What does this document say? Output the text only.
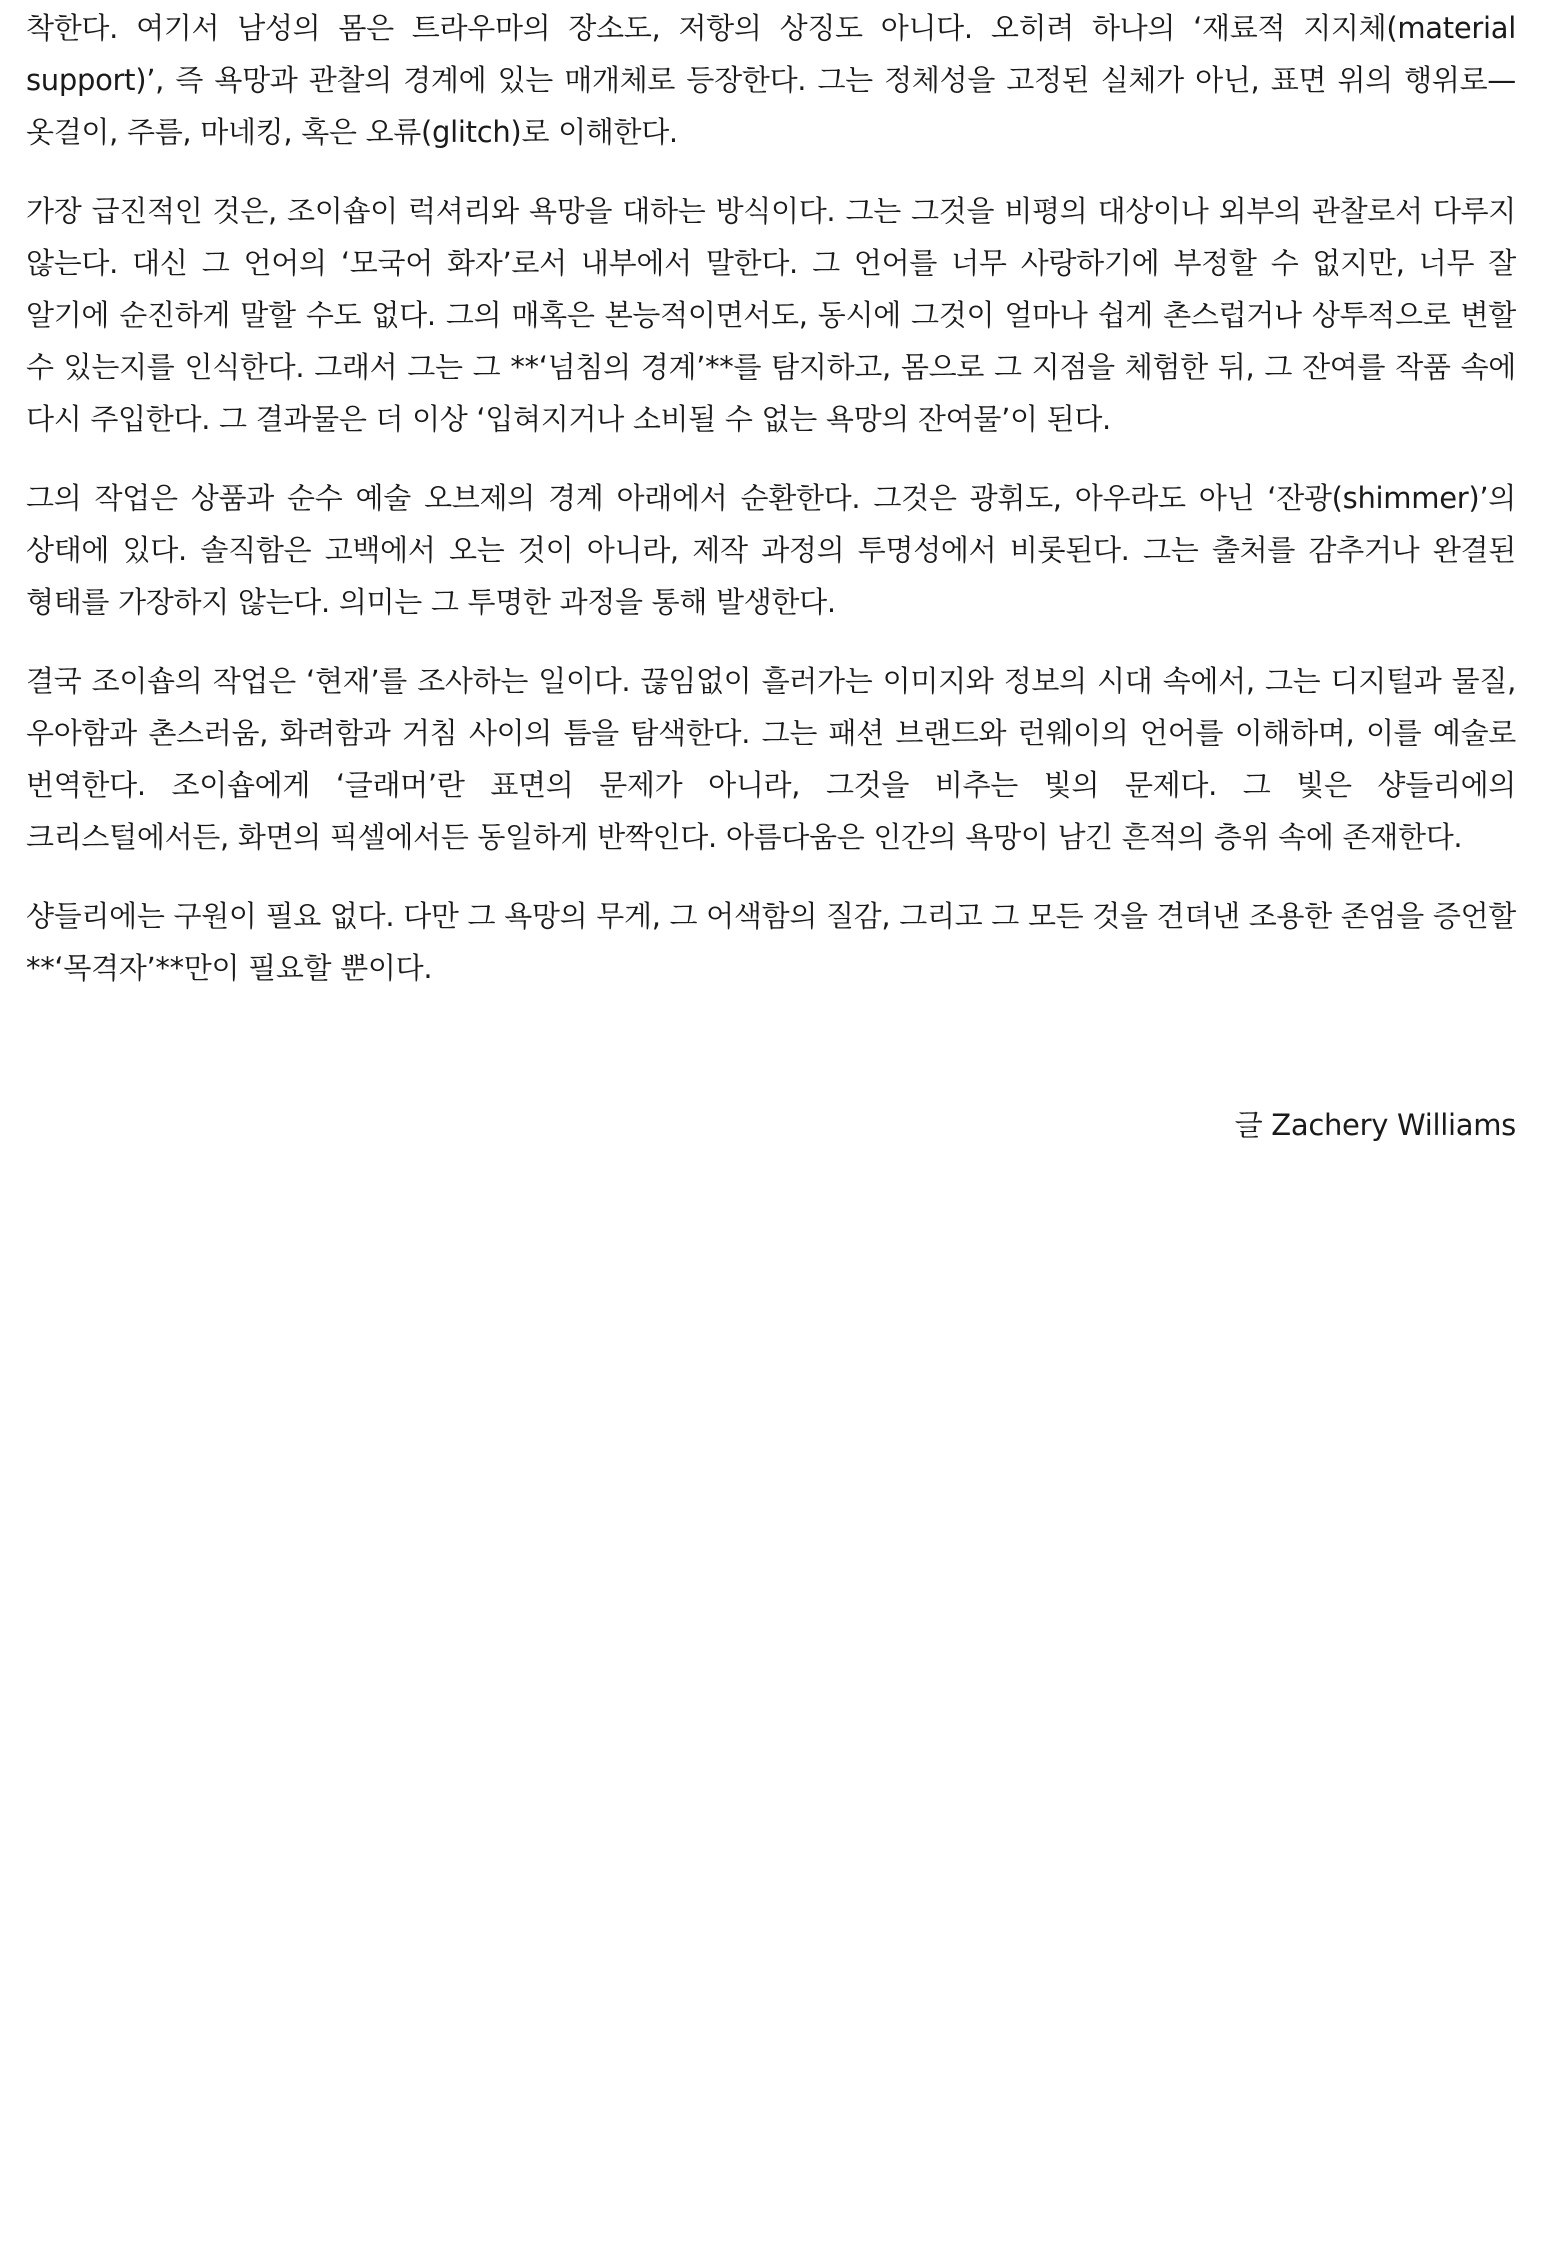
착한다. 여기서 남성의 몸은 트라우마의 장소도, 저항의 상징도 아니다. 오히려 하나의 ‘재료적 지지체(material support)’, 즉 욕망과 관찰의 경계에 있는 매개체로 등장한다. 그는 정체성을 고정된 실체가 아닌, 표면 위의 행위로—옷걸이, 주름, 마네킹, 혹은 오류(glitch)로 이해한다.

가장 급진적인 것은, 조이숍이 럭셔리와 욕망을 대하는 방식이다. 그는 그것을 비평의 대상이나 외부의 관찰로서 다루지 않는다. 대신 그 언어의 ‘모국어 화자’로서 내부에서 말한다. 그 언어를 너무 사랑하기에 부정할 수 없지만, 너무 잘 알기에 순진하게 말할 수도 없다. 그의 매혹은 본능적이면서도, 동시에 그것이 얼마나 쉽게 촌스럽거나 상투적으로 변할 수 있는지를 인식한다. 그래서 그는 그 **‘넘침의 경계’**를 탐지하고, 몸으로 그 지점을 체험한 뒤, 그 잔여를 작품 속에 다시 주입한다. 그 결과물은 더 이상 ‘입혀지거나 소비될 수 없는 욕망의 잔여물’이 된다.

그의 작업은 상품과 순수 예술 오브제의 경계 아래에서 순환한다. 그것은 광휘도, 아우라도 아닌 ‘잔광(shimmer)’의 상태에 있다. 솔직함은 고백에서 오는 것이 아니라, 제작 과정의 투명성에서 비롯된다. 그는 출처를 감추거나 완결된 형태를 가장하지 않는다. 의미는 그 투명한 과정을 통해 발생한다.

결국 조이숍의 작업은 ‘현재’를 조사하는 일이다. 끊임없이 흘러가는 이미지와 정보의 시대 속에서, 그는 디지털과 물질, 우아함과 촌스러움, 화려함과 거침 사이의 틈을 탐색한다. 그는 패션 브랜드와 런웨이의 언어를 이해하며, 이를 예술로 번역한다. 조이숍에게 ‘글래머’란 표면의 문제가 아니라, 그것을 비추는 빛의 문제다. 그 빛은 샹들리에의 크리스털에서든, 화면의 픽셀에서든 동일하게 반짝인다. 아름다움은 인간의 욕망이 남긴 흔적의 층위 속에 존재한다.

샹들리에는 구원이 필요 없다. 다만 그 욕망의 무게, 그 어색함의 질감, 그리고 그 모든 것을 견뎌낸 조용한 존엄을 증언할 **‘목격자’**만이 필요할 뿐이다.

글 Zachery Williams
